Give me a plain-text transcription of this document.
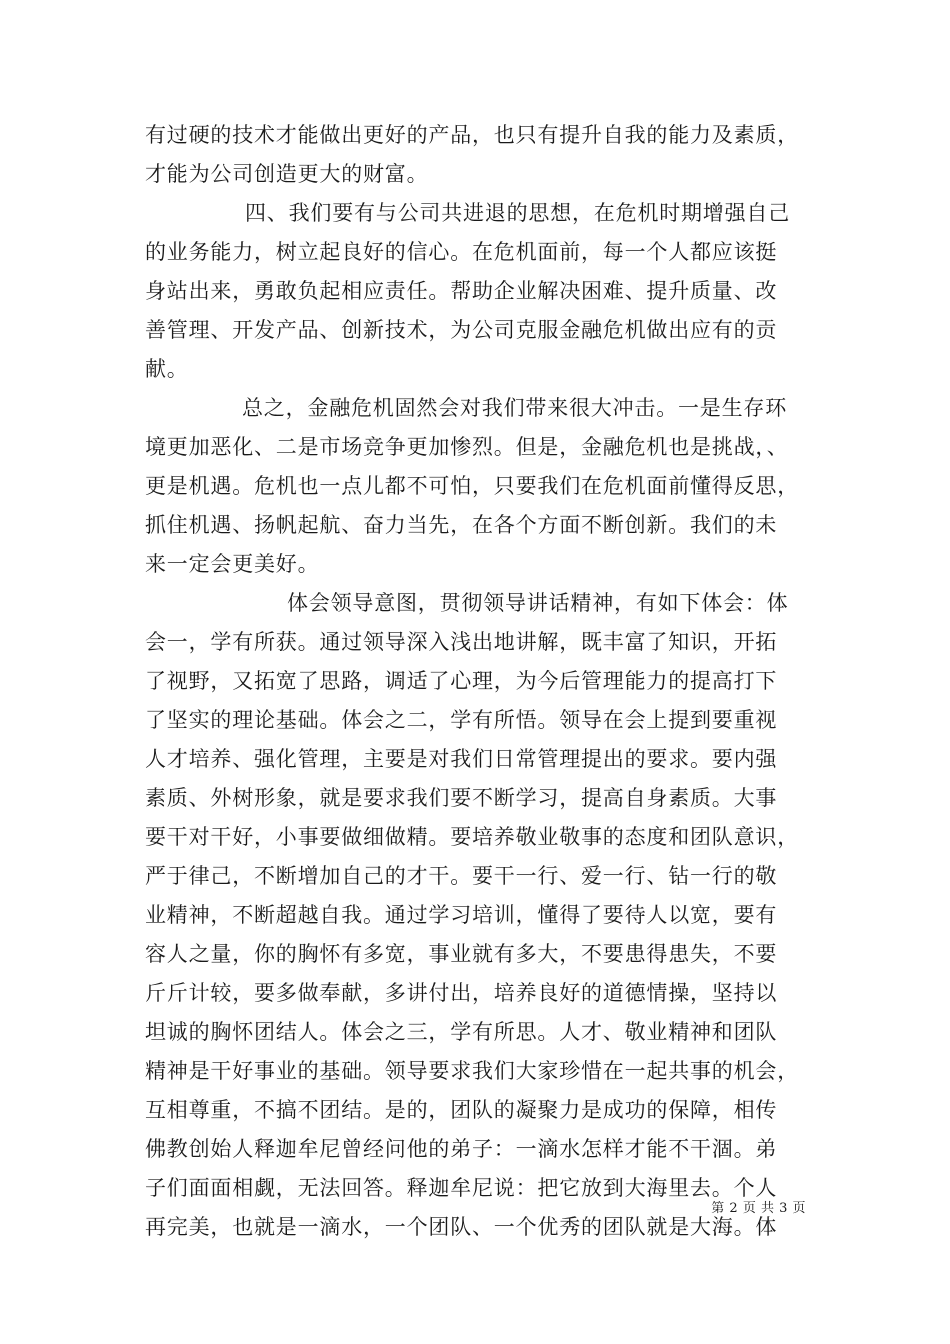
有过硬的技术才能做出更好的产品，也只有提升自我的能力及素质，
才能为公司创造更大的财富。
四、我们要有与公司共进退的思想，在危机时期增强自己
的业务能力，树立起良好的信心。在危机面前，每一个人都应该挺
身站出来，勇敢负起相应责任。帮助企业解决困难、提升质量、改
善管理、开发产品、创新技术，为公司克服金融危机做出应有的贡
献。
总之，金融危机固然会对我们带来很大冲击。一是生存环
境更加恶化、二是市场竞争更加惨烈。但是，金融危机也是挑战，、
更是机遇。危机也一点儿都不可怕，只要我们在危机面前懂得反思，
抓住机遇、扬帆起航、奋力当先，在各个方面不断创新。我们的未
来一定会更美好。
体会领导意图，贯彻领导讲话精神，有如下体会：体
会一，学有所获。通过领导深入浅出地讲解，既丰富了知识，开拓
了视野，又拓宽了思路，调适了心理，为今后管理能力的提高打下
了坚实的理论基础。体会之二，学有所悟。领导在会上提到要重视
人才培养、强化管理，主要是对我们日常管理提出的要求。要内强
素质、外树形象，就是要求我们要不断学习，提高自身素质。大事
要干对干好，小事要做细做精。要培养敬业敬事的态度和团队意识，
严于律己，不断增加自己的才干。要干一行、爱一行、钻一行的敬
业精神，不断超越自我。通过学习培训，懂得了要待人以宽，要有
容人之量，你的胸怀有多宽，事业就有多大，不要患得患失，不要
斤斤计较，要多做奉献，多讲付出，培养良好的道德情操，坚持以
坦诚的胸怀团结人。体会之三，学有所思。人才、敬业精神和团队
精神是干好事业的基础。领导要求我们大家珍惜在一起共事的机会，
互相尊重，不搞不团结。是的，团队的凝聚力是成功的保障，相传
佛教创始人释迦牟尼曾经问他的弟子：一滴水怎样才能不干涸。弟
子们面面相觑，无法回答。释迦牟尼说：把它放到大海里去。个人
再完美，也就是一滴水，一个团队、一个优秀的团队就是大海。体
第 2 页 共 3 页
